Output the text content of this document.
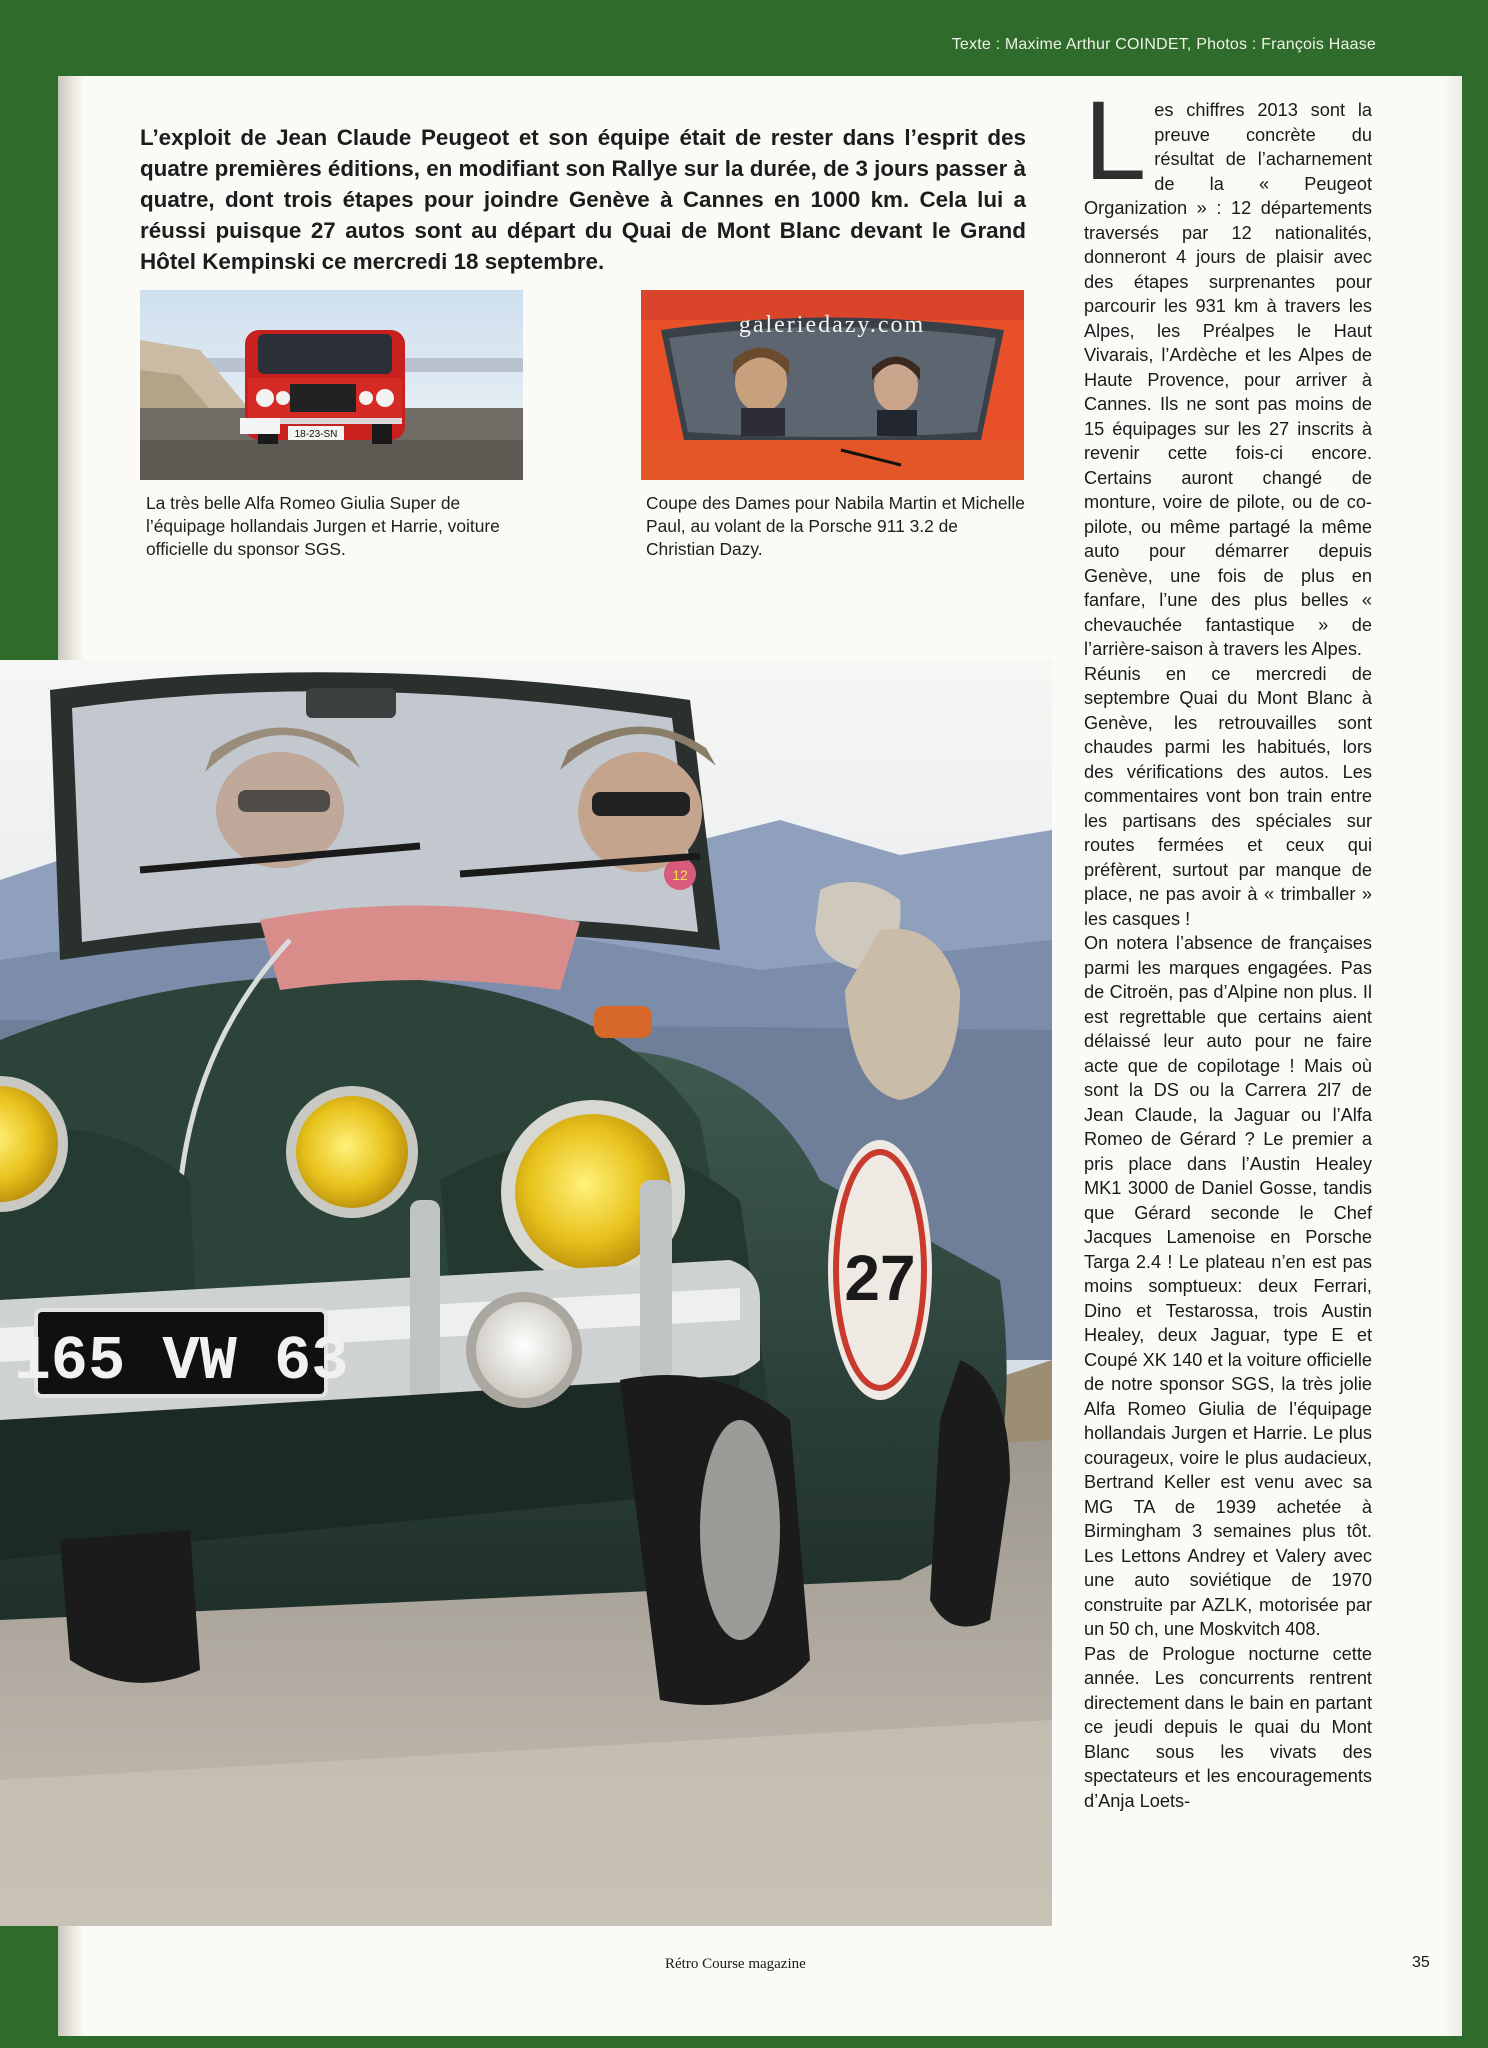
Texte : Maxime Arthur COINDET, Photos : François Haase
L’exploit de Jean Claude Peugeot et son équipe était de rester dans l’esprit des quatre premières éditions, en modifiant son Rallye sur la durée, de 3 jours passer à quatre, dont trois étapes pour joindre Genève à Cannes en 1000 km. Cela lui a réussi puisque 27 autos sont au départ du Quai de Mont Blanc devant le Grand Hôtel Kempinski ce mercredi 18 septembre.
18-23-SN
La très belle Alfa Romeo Giulia Super de l’équipage hollandais Jurgen et Harrie, voiture officielle du sponsor SGS.
galeriedazy.com
Coupe des Dames pour Nabila Martin et Michelle Paul, au volant de la Porsche 911 3.2 de Christian Dazy.
12
27
165 VW 63
L es chiffres 2013 sont la preuve concrète du résultat de l’acharnement de la « Peugeot Organization » : 12 départements traversés par 12 nationalités, donneront 4 jours de plaisir avec des étapes surprenantes pour parcourir les 931 km à travers les Alpes, les Préalpes le Haut Vivarais, l’Ardèche et les Alpes de Haute Provence, pour arriver à Cannes. Ils ne sont pas moins de 15 équipages sur les 27 inscrits à revenir cette fois-ci encore. Certains auront changé de monture, voire de pilote, ou de co-pilote, ou même partagé la même auto pour démarrer depuis Genève, une fois de plus en fanfare, l’une des plus belles « chevauchée fantastique » de l’arrière-saison à travers les Alpes.

Réunis en ce mercredi de septembre Quai du Mont Blanc à Genève, les retrouvailles sont chaudes parmi les habitués, lors des vérifications des autos. Les commentaires vont bon train entre les partisans des spéciales sur routes fermées et ceux qui préfèrent, surtout par manque de place, ne pas avoir à « trimballer » les casques !

On notera l’absence de françaises parmi les marques engagées. Pas de Citroën, pas d’Alpine non plus. Il est regrettable que certains aient délaissé leur auto pour ne faire acte que de copilotage ! Mais où sont la DS ou la Carrera 2l7 de Jean Claude, la Jaguar ou l’Alfa Romeo de Gérard ? Le premier a pris place dans l’Austin Healey MK1 3000 de Daniel Gosse, tandis que Gérard seconde le Chef Jacques Lamenoise en Porsche Targa 2.4 ! Le plateau n’en est pas moins somptueux: deux Ferrari, Dino et Testarossa, trois Austin Healey, deux Jaguar, type E et Coupé XK 140 et la voiture officielle de notre sponsor SGS, la très jolie Alfa Romeo Giulia de l’équipage hollandais Jurgen et Harrie. Le plus courageux, voire le plus audacieux, Bertrand Keller est venu avec sa MG TA de 1939 achetée à Birmingham 3 semaines plus tôt. Les Lettons Andrey et Valery avec une auto soviétique de 1970 construite par AZLK, motorisée par un 50 ch, une Moskvitch 408.

Pas de Prologue nocturne cette année. Les concurrents rentrent directement dans le bain en partant ce jeudi depuis le quai du Mont Blanc sous les vivats des spectateurs et les encouragements d’Anja Loets-

Rétro Course magazine	35
